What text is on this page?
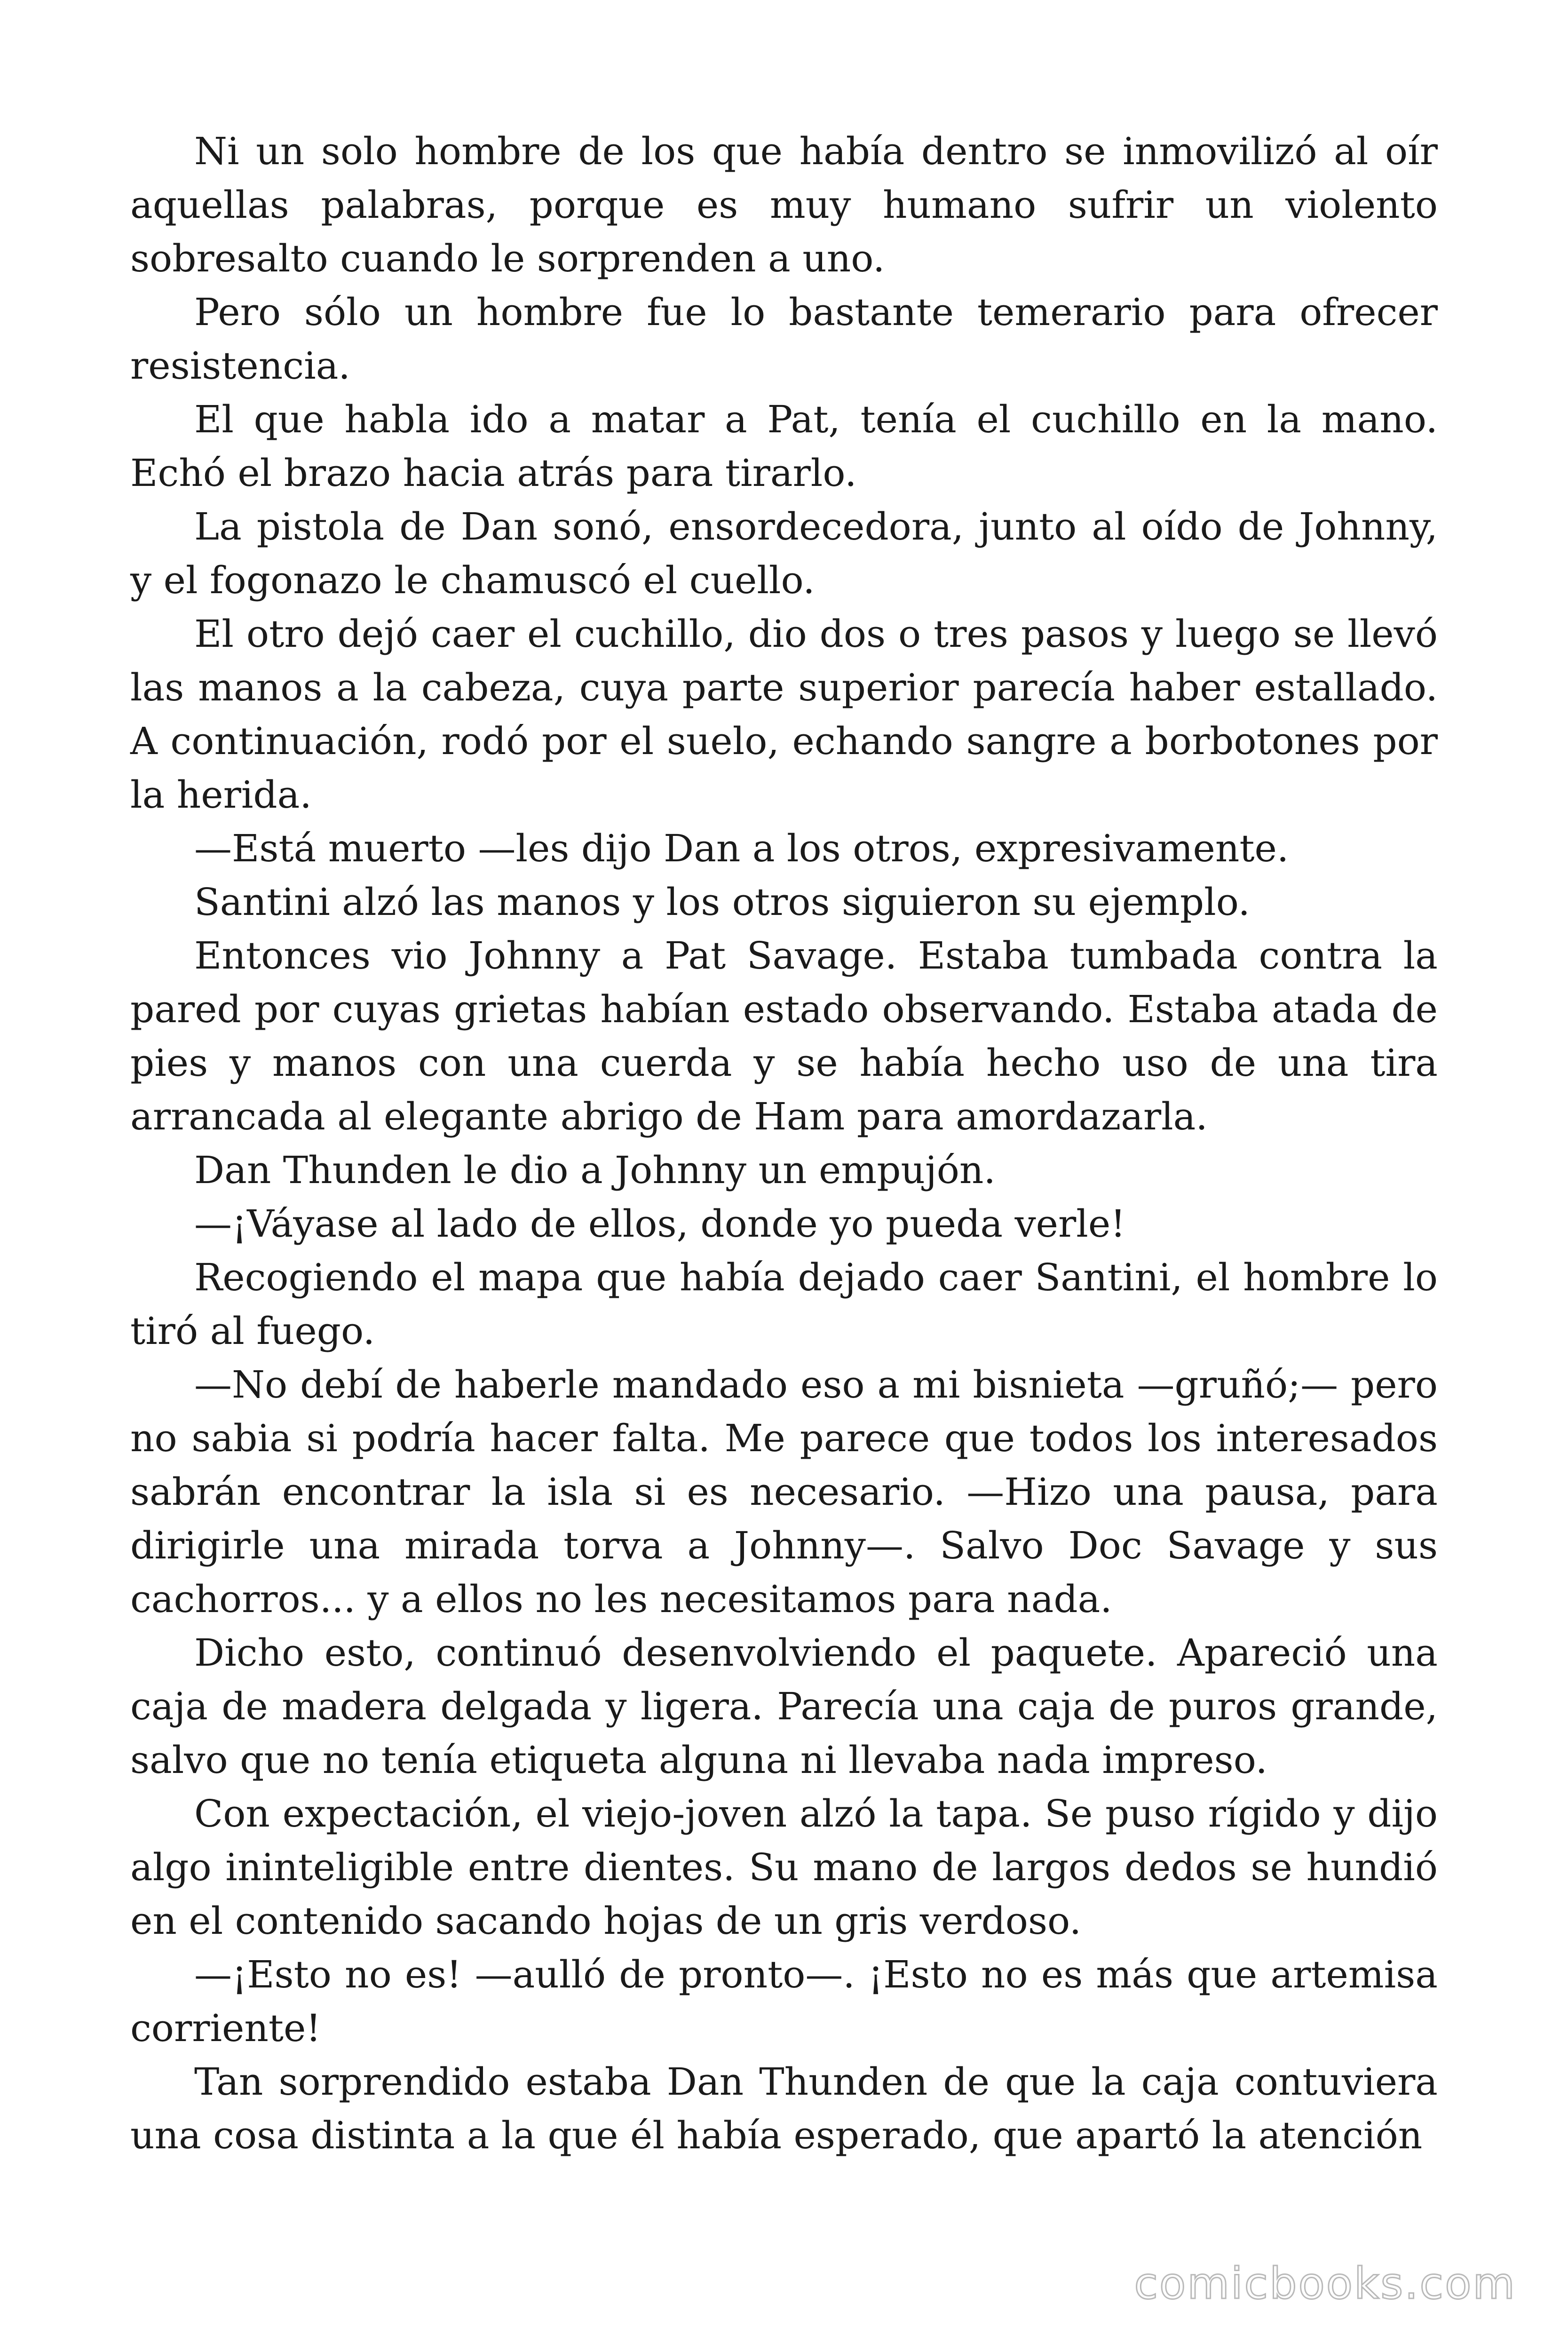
Ni un solo hombre de los que había dentro se inmovilizó al oír aquellas palabras, porque es muy humano sufrir un violento sobresalto cuando le sorprenden a uno.

Pero sólo un hombre fue lo bastante temerario para ofrecer resistencia.

El que habla ido a matar a Pat, tenía el cuchillo en la mano. Echó el brazo hacia atrás para tirarlo.

La pistola de Dan sonó, ensordecedora, junto al oído de Johnny, y el fogonazo le chamuscó el cuello.

El otro dejó caer el cuchillo, dio dos o tres pasos y luego se llevó las manos a la cabeza, cuya parte superior parecía haber estallado. A continuación, rodó por el suelo, echando sangre a borbotones por la herida.

—Está muerto —les dijo Dan a los otros, expresivamente.

Santini alzó las manos y los otros siguieron su ejemplo.

Entonces vio Johnny a Pat Savage. Estaba tumbada contra la pared por cuyas grietas habían estado observando. Estaba atada de pies y manos con una cuerda y se había hecho uso de una tira arrancada al elegante abrigo de Ham para amordazarla.

Dan Thunden le dio a Johnny un empujón.

—¡Váyase al lado de ellos, donde yo pueda verle!

Recogiendo el mapa que había dejado caer Santini, el hombre lo tiró al fuego.

—No debí de haberle mandado eso a mi bisnieta —gruñó;— pero no sabia si podría hacer falta. Me parece que todos los interesados sabrán encontrar la isla si es necesario. —Hizo una pausa, para dirigirle una mirada torva a Johnny—. Salvo Doc Savage y sus cachorros... y a ellos no les necesitamos para nada.

Dicho esto, continuó desenvolviendo el paquete. Apareció una caja de madera delgada y ligera. Parecía una caja de puros grande, salvo que no tenía etiqueta alguna ni llevaba nada impreso.

Con expectación, el viejo-joven alzó la tapa. Se puso rígido y dijo algo ininteligible entre dientes. Su mano de largos dedos se hundió en el contenido sacando hojas de un gris verdoso.

—¡Esto no es! —aulló de pronto—. ¡Esto no es más que artemisa corriente!

Tan sorprendido estaba Dan Thunden de que la caja contuviera una cosa distinta a la que él había esperado, que apartó la atención

comicbooks.com
